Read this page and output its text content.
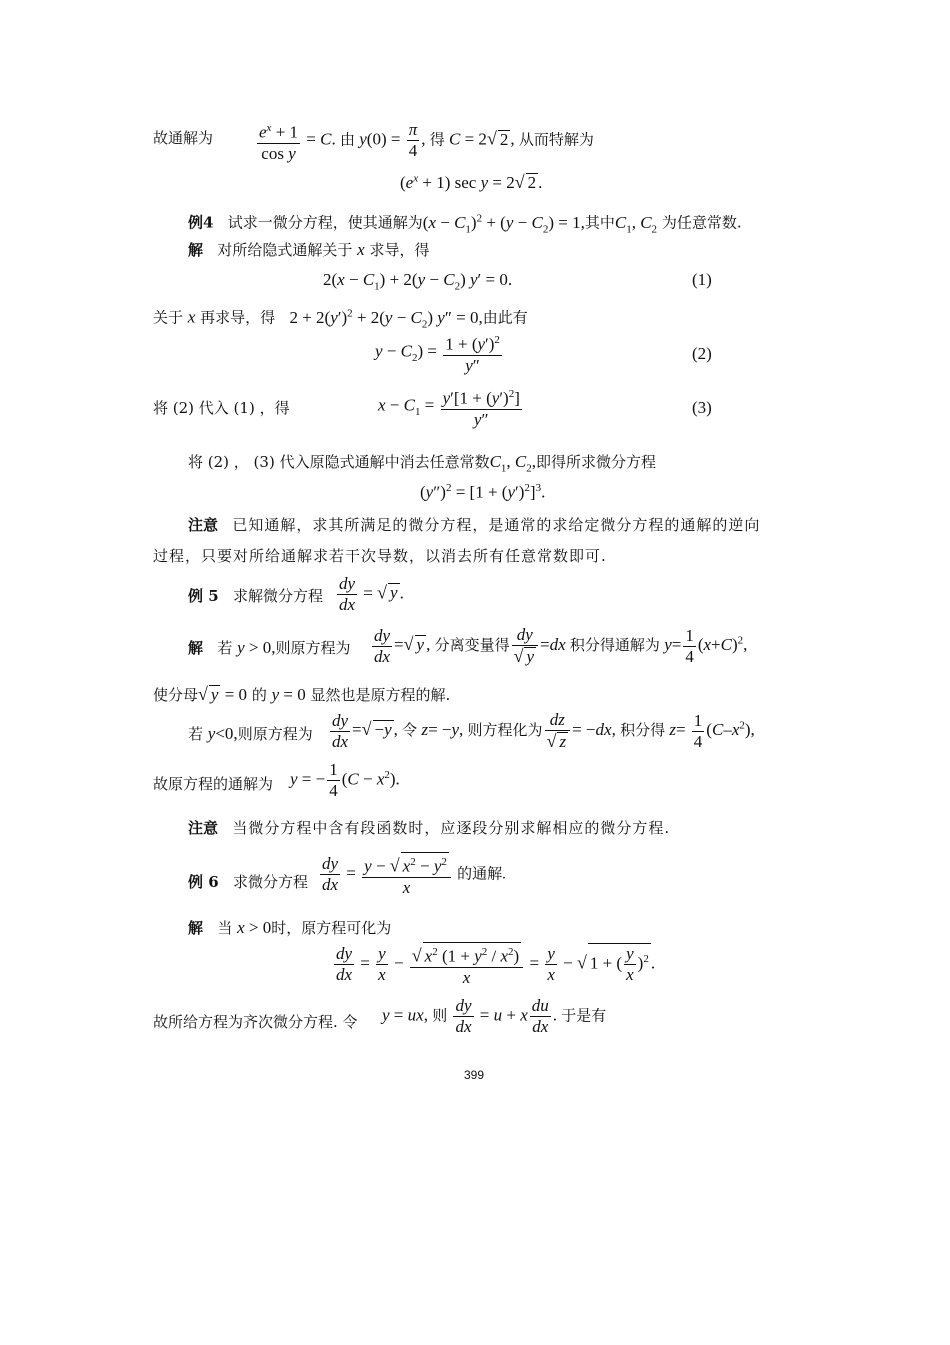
故通解为	$\frac{e^x + 1}{\text{cos y}} = C$. 由 $y(0) = \frac{\pi}{4}$ , 得 C = 2√ 2 , 从而特解为
$(e^x + 1)$ sec y = 2√ 2 .
例4 试求一微分方程，使其通解为$(x - C_1)^2 + (y - C_2) = 1$,其中$C_1$, $C_2$ 为任意常数.
解 对所给隐式通解关于 x 求导，得
$2(x - C_1) + 2(y - C_2)$ y′ = 0.	(1)
关于 x 再求导，得 $2 + 2(y')^2 + 2(y - C_2) y'' = 0$,由此有
$y - C_2) = \frac{1 + (y')^2}{y''}$	(2)
将 (2) 代入 (1) ，得	$x - C_1 = \frac{y'[1 + (y')^2]}{y''}$	(3)
将 (2) ， (3) 代入原隐式通解中消去任意常数$C_1$, $C_2$,即得所求微分方程
$(y'')^2 = [1 + (y')^2]^3$.
注意 已知通解，求其所满足的微分方程，是通常的求给定微分方程的通解的逆向
过程，只要对所给通解求若干次导数，以消去所有任意常数即可.
例 5 求解微分方程 $\frac{dy}{dx}$ = √ y .
解 若 y > 0,则原方程为 $\frac{dy}{dx}$ =√ y , 分离变量得 $\frac{dy}{√ y} =dx$ 积分得通解为 $y= \frac{1}{4} (x+C)^2$,
使分母√ y = 0 的 y = 0 显然也是原方程的解.
若 y<0,则原方程为 $\frac{dy}{dx}$ =√ −y , 令 z= −y, 则方程化为 $\frac{dz}{√ z} = -dx$, 积分得 $z= \frac{1}{4} (C-x^2)$,
故原方程的通解为 y = − $\frac{1}{4} (C - x^2)$.
注意 当微分方程中含有段函数时，应逐段分别求解相应的微分方程.
例 6 求微分方程 $\frac{dy}{dx} = \frac{y - √ x^2 - y^2}{x}$ 的通解.
解 当 x > 0时，原方程可化为
$\frac{dy}{dx} = \frac{y}{x} - \frac{√ x^2 (1 + y^2 / x^2)}{x} = \frac{y}{x}$ − √ 1 + ( $\frac{y}{x} )^2$ .
故所给方程为齐次微分方程. 令 y = ux, 则 $\frac{dy}{dx} = u + x \frac{du}{dx}$ . 于是有
399
